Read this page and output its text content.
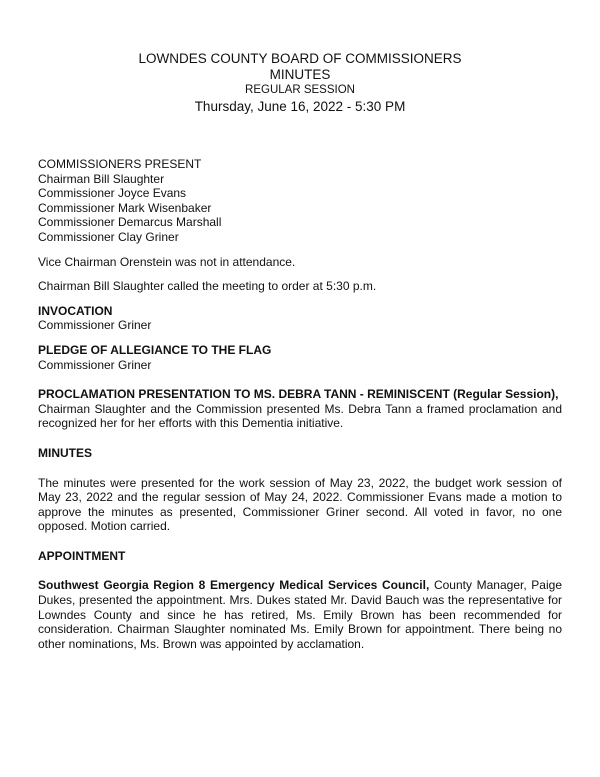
LOWNDES COUNTY BOARD OF COMMISSIONERS
MINUTES
REGULAR SESSION
Thursday, June 16, 2022 - 5:30 PM
COMMISSIONERS PRESENT
Chairman Bill Slaughter
Commissioner Joyce Evans
Commissioner Mark Wisenbaker
Commissioner Demarcus Marshall
Commissioner Clay Griner

Vice Chairman Orenstein was not in attendance.

Chairman Bill Slaughter called the meeting to order at 5:30 p.m.

INVOCATION

Commissioner Griner

PLEDGE OF ALLEGIANCE TO THE FLAG

Commissioner Griner

PROCLAMATION PRESENTATION TO MS. DEBRA TANN - REMINISCENT (Regular Session),

Chairman Slaughter and the Commission presented Ms. Debra Tann a framed proclamation and recognized her for her efforts with this Dementia initiative.

MINUTES

The minutes were presented for the work session of May 23, 2022, the budget work session of May 23, 2022 and the regular session of May 24, 2022. Commissioner Evans made a motion to approve the minutes as presented, Commissioner Griner second. All voted in favor, no one opposed. Motion carried.

APPOINTMENT

Southwest Georgia Region 8 Emergency Medical Services Council, County Manager, Paige Dukes, presented the appointment. Mrs. Dukes stated Mr. David Bauch was the representative for Lowndes County and since he has retired, Ms. Emily Brown has been recommended for consideration. Chairman Slaughter nominated Ms. Emily Brown for appointment. There being no other nominations, Ms. Brown was appointed by acclamation.
